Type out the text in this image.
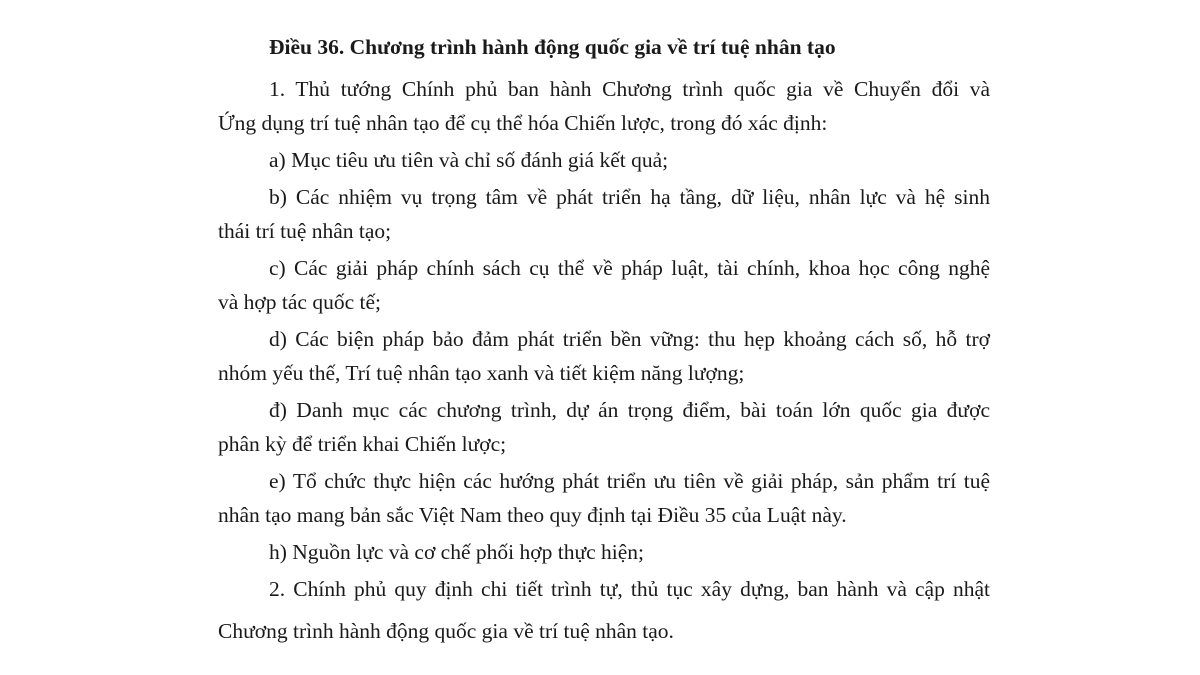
Điều 36. Chương trình hành động quốc gia về trí tuệ nhân tạo
1. Thủ tướng Chính phủ ban hành Chương trình quốc gia về Chuyển đổi và
Ứng dụng trí tuệ nhân tạo để cụ thể hóa Chiến lược, trong đó xác định:
a) Mục tiêu ưu tiên và chỉ số đánh giá kết quả;
b) Các nhiệm vụ trọng tâm về phát triển hạ tầng, dữ liệu, nhân lực và hệ sinh
thái trí tuệ nhân tạo;
c) Các giải pháp chính sách cụ thể về pháp luật, tài chính, khoa học công nghệ
và hợp tác quốc tế;
d) Các biện pháp bảo đảm phát triển bền vững: thu hẹp khoảng cách số, hỗ trợ
nhóm yếu thế, Trí tuệ nhân tạo xanh và tiết kiệm năng lượng;
đ) Danh mục các chương trình, dự án trọng điểm, bài toán lớn quốc gia được
phân kỳ để triển khai Chiến lược;
e) Tổ chức thực hiện các hướng phát triển ưu tiên về giải pháp, sản phẩm trí tuệ
nhân tạo mang bản sắc Việt Nam theo quy định tại Điều 35 của Luật này.
h) Nguồn lực và cơ chế phối hợp thực hiện;
2. Chính phủ quy định chi tiết trình tự, thủ tục xây dựng, ban hành và cập nhật
Chương trình hành động quốc gia về trí tuệ nhân tạo.
